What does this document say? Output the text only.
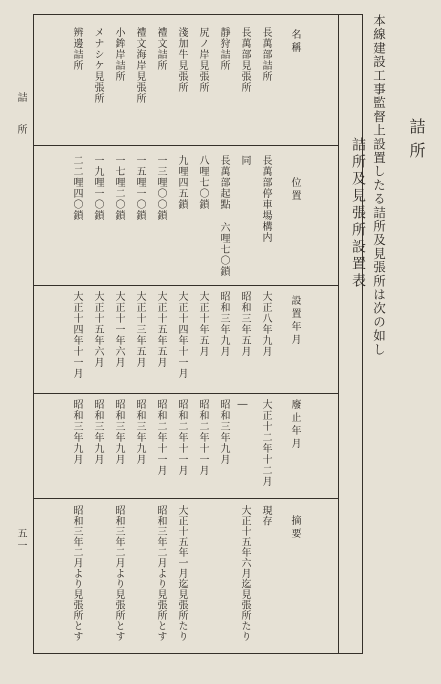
詰所
本線建設工事監督上設置したる詰所及見張所は次の如し
詰所及見張所設置表
名稱
位置
設置年月
廢止年月
摘要
長萬部詰所
長萬部停車場構内
大正八年九月
大正十二年十二月
現存
長萬部見張所
同
昭和三年五月
―
大正十五年六月迄見張所たり
靜狩詰所
長萬部起點 六哩七〇鎖
昭和三年九月
昭和三年九月
尻ノ岸見張所
八哩七〇鎖
大正十年五月
昭和二年十一月
淺加牛見張所
九哩四五鎖
大正十四年十一月
昭和二年十一月
大正十五年一月迄見張所たり
禮文詰所
一三哩〇〇鎖
大正十五年五月
昭和二年十一月
昭和三年二月より見張所とす
禮文海岸見張所
一五哩一〇鎖
大正十三年五月
昭和三年九月
小鉾岸詰所
一七哩二〇鎖
大正十一年六月
昭和三年九月
昭和三年二月より見張所とす
メナシケ見張所
一九哩一〇鎖
大正十五年六月
昭和三年九月
辨邊詰所
二二哩四〇鎖
大正十四年十一月
昭和三年九月
昭和三年二月より見張所とす
詰所
五一
